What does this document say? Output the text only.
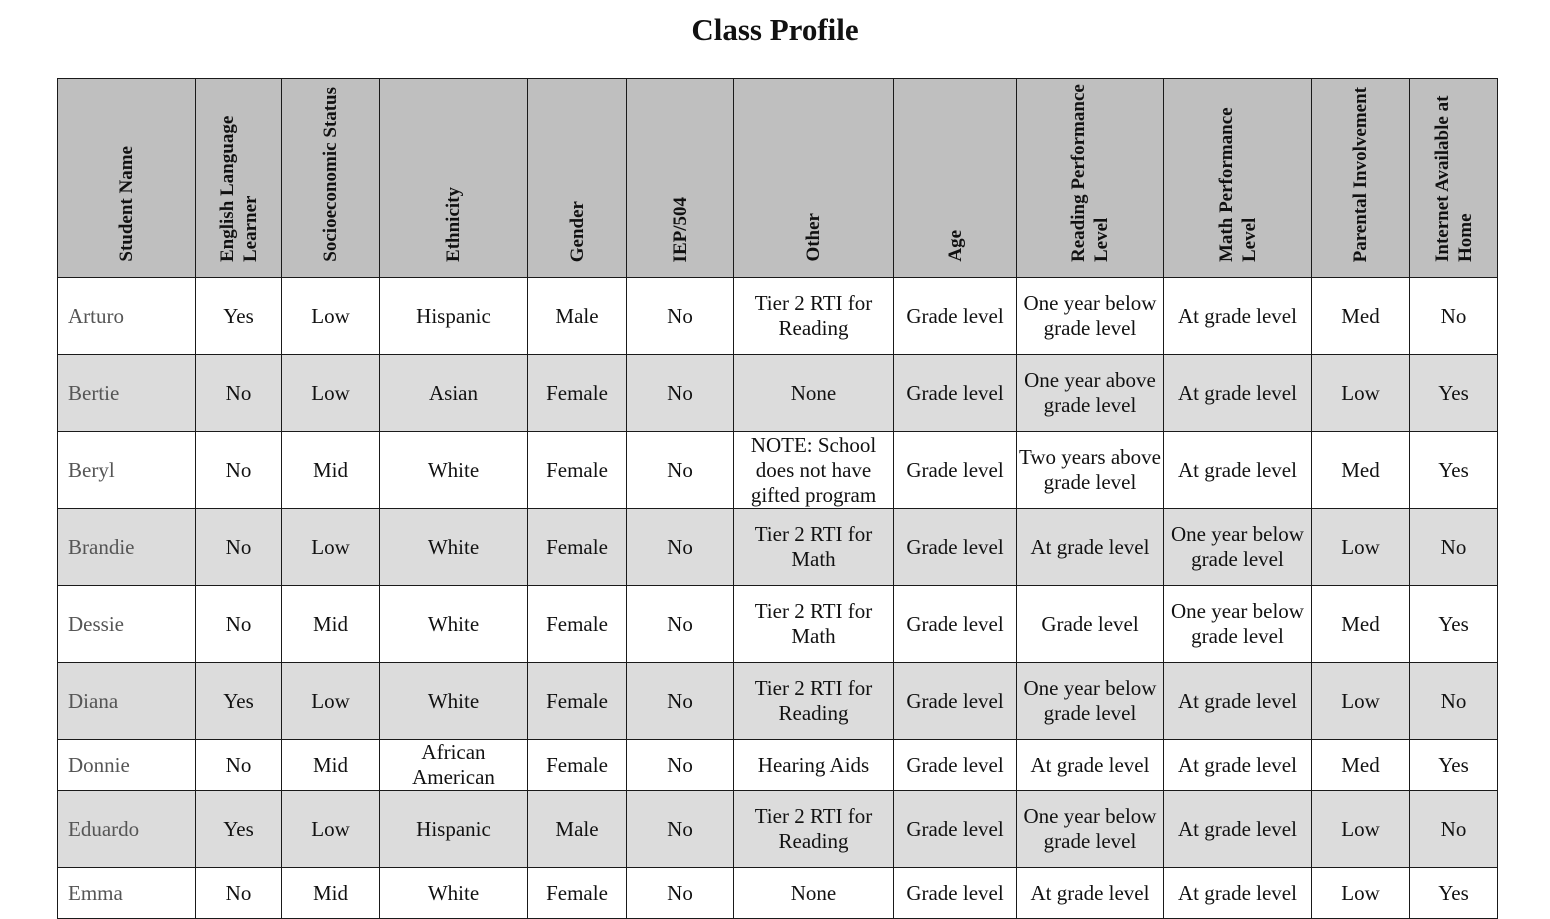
Class Profile
Student Name	English Language Learner	Socioeconomic Status	Ethnicity	Gender	IEP/504	Other	Age	Reading Performance Level	Math Performance Level	Parental Involvement	Internet Available at Home
Arturo	Yes	Low	Hispanic	Male	No	Tier 2 RTI for Reading	Grade level	One year below grade level	At grade level	Med	No
Bertie	No	Low	Asian	Female	No	None	Grade level	One year above grade level	At grade level	Low	Yes
Beryl	No	Mid	White	Female	No	NOTE: School does not have gifted program	Grade level	Two years above grade level	At grade level	Med	Yes
Brandie	No	Low	White	Female	No	Tier 2 RTI for Math	Grade level	At grade level	One year below grade level	Low	No
Dessie	No	Mid	White	Female	No	Tier 2 RTI for Math	Grade level	Grade level	One year below grade level	Med	Yes
Diana	Yes	Low	White	Female	No	Tier 2 RTI for Reading	Grade level	One year below grade level	At grade level	Low	No
Donnie	No	Mid	African American	Female	No	Hearing Aids	Grade level	At grade level	At grade level	Med	Yes
Eduardo	Yes	Low	Hispanic	Male	No	Tier 2 RTI for Reading	Grade level	One year below grade level	At grade level	Low	No
Emma	No	Mid	White	Female	No	None	Grade level	At grade level	At grade level	Low	Yes
